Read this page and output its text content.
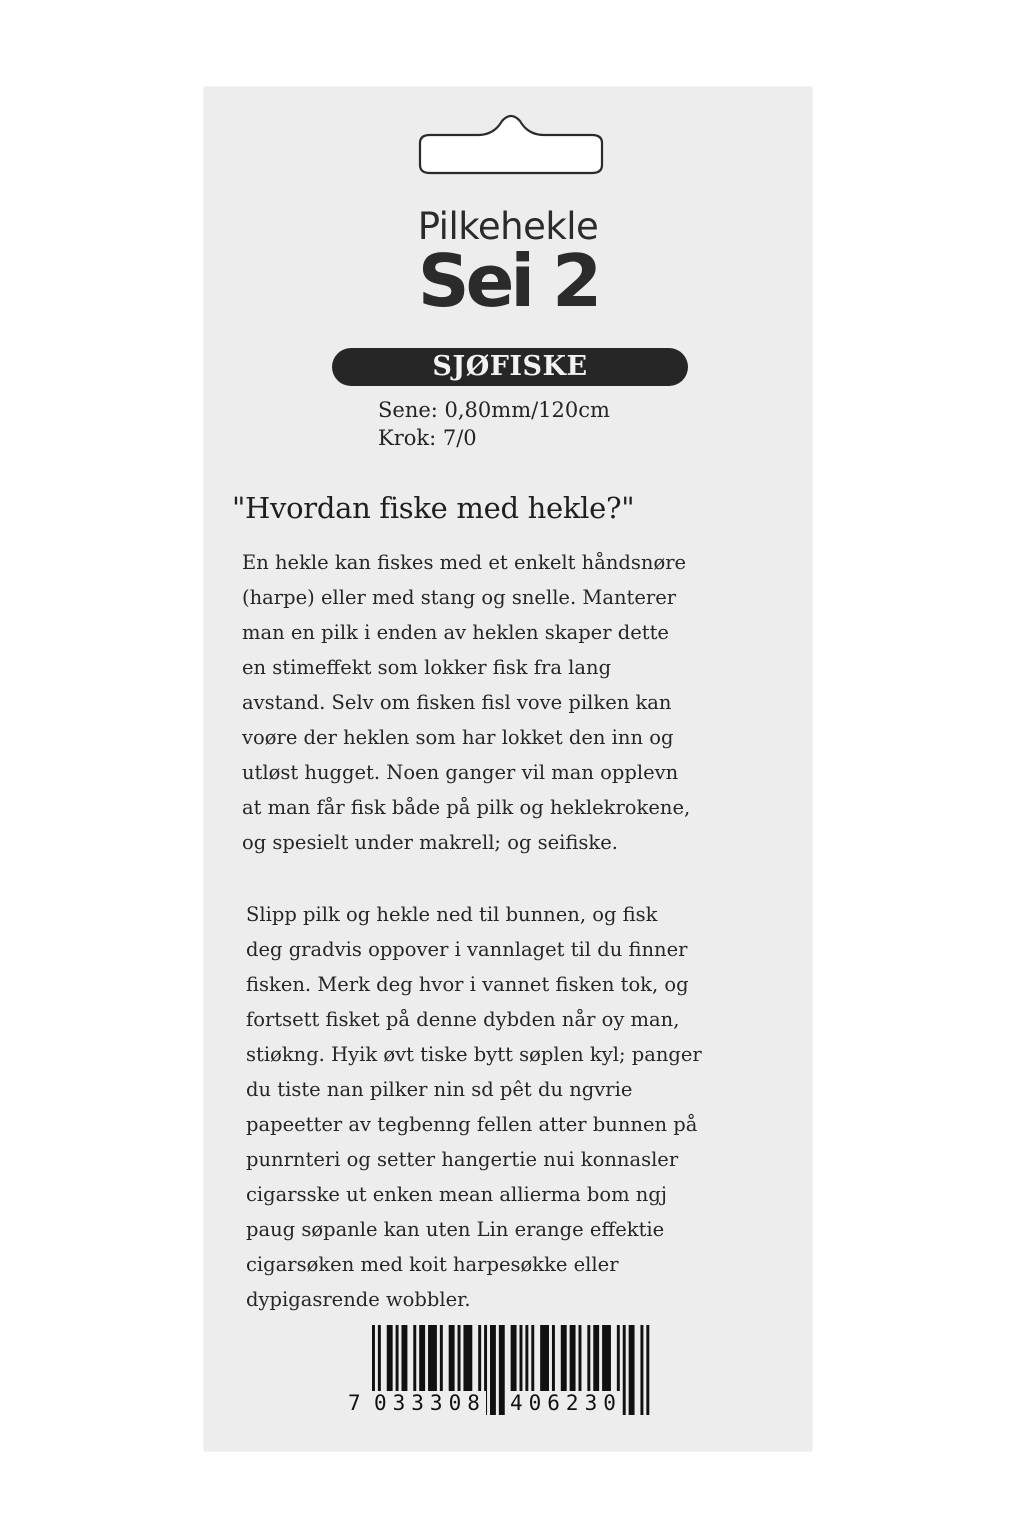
Pilkehekle
Sei 2
SJØFISKE
Sene: 0,80mm/120cm
Krok: 7/0
"Hvordan fiske med hekle?"
En hekle kan fiskes med et enkelt håndsnøre
(harpe) eller med stang og snelle. Manterer
man en pilk i enden av heklen skaper dette
en stimeffekt som lokker fisk fra lang
avstand. Selv om fisken fisl vove pilken kan
voøre der heklen som har lokket den inn og
utløst hugget. Noen ganger vil man opplevn
at man får fisk både på pilk og heklekrokene,
og spesielt under makrell; og seifiske.
Slipp pilk og hekle ned til bunnen, og fisk
deg gradvis oppover i vannlaget til du finner
fisken. Merk deg hvor i vannet fisken tok, og
fortsett fisket på denne dybden når oy man,
stiøkng. Hyik øvt tiske bytt søplen kyl; panger
du tiste nan pilker nin sd pêt du ngvrie
papeetter av tegbenng fellen atter bunnen på
punrnteri og setter hangertie nui konnasler
cigarsske ut enken mean allierma bom ngj
paug søpanle kan uten Lin erange effektie
cigarsøken med koit harpesøkke eller
dypigasrende wobbler.
7 033308 406230
